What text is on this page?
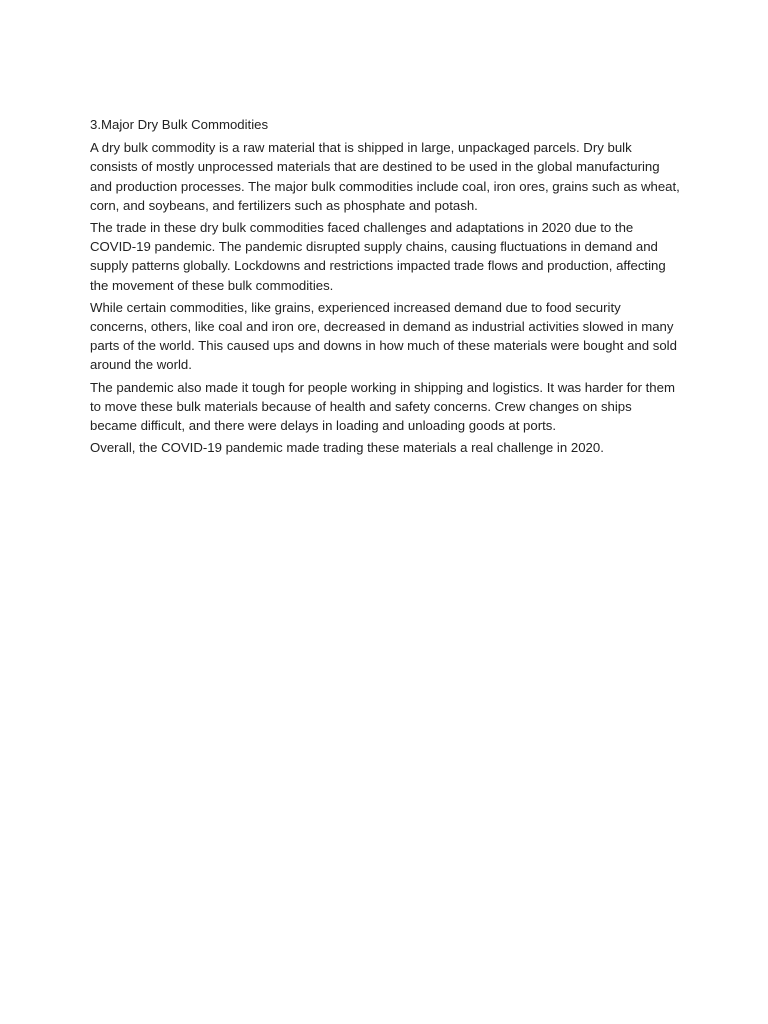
3.Major Dry Bulk Commodities

A dry bulk commodity is a raw material that is shipped in large, unpackaged parcels. Dry bulk consists of mostly unprocessed materials that are destined to be used in the global manufacturing and production processes. The major bulk commodities include coal, iron ores, grains such as wheat, corn, and soybeans, and fertilizers such as phosphate and potash.

The trade in these dry bulk commodities faced challenges and adaptations in 2020 due to the COVID-19 pandemic. The pandemic disrupted supply chains, causing fluctuations in demand and supply patterns globally. Lockdowns and restrictions impacted trade flows and production, affecting the movement of these bulk commodities.

While certain commodities, like grains, experienced increased demand due to food security concerns, others, like coal and iron ore, decreased in demand as industrial activities slowed in many parts of the world. This caused ups and downs in how much of these materials were bought and sold around the world.

The pandemic also made it tough for people working in shipping and logistics. It was harder for them to move these bulk materials because of health and safety concerns. Crew changes on ships became difficult, and there were delays in loading and unloading goods at ports.

Overall, the COVID-19 pandemic made trading these materials a real challenge in 2020.
